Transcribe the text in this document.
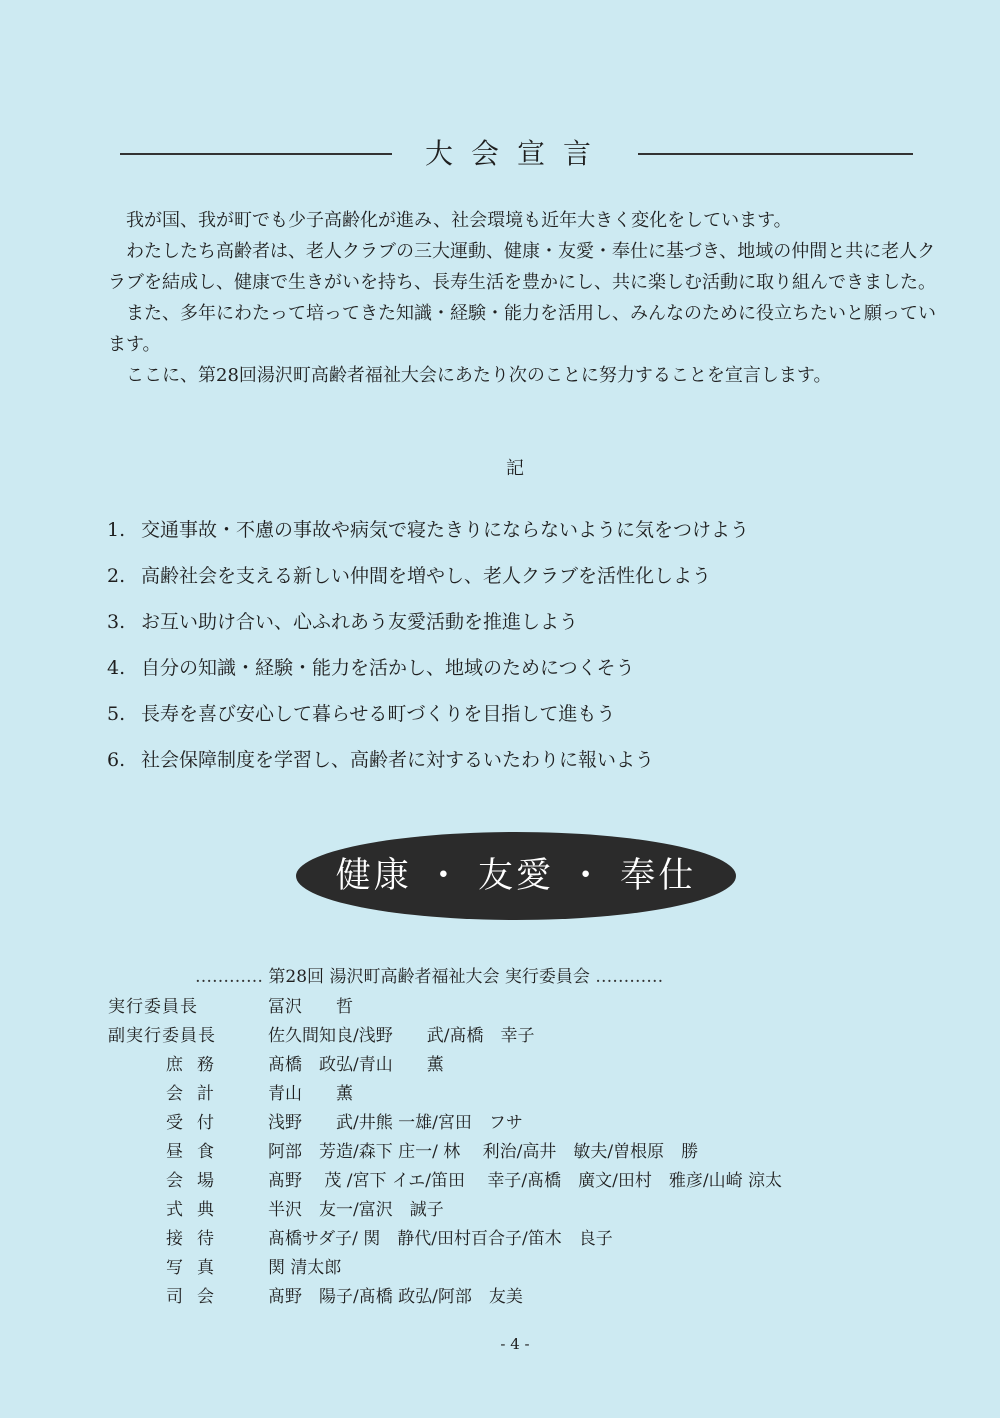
大会宣言

我が国、我が町でも少子高齢化が進み、社会環境も近年大きく変化をしています。

わたしたち高齢者は、老人クラブの三大運動、健康・友愛・奉仕に基づき、地域の仲間と共に老人クラブを結成し、健康で生きがいを持ち、長寿生活を豊かにし、共に楽しむ活動に取り組んできました。

また、多年にわたって培ってきた知識・経験・能力を活用し、みんなのために役立ちたいと願っています。

ここに、第28回湯沢町高齢者福祉大会にあたり次のことに努力することを宣言します。

記
1. 交通事故・不慮の事故や病気で寝たきりにならないように気をつけよう
2. 高齢社会を支える新しい仲間を増やし、老人クラブを活性化しよう
3. お互い助け合い、心ふれあう友愛活動を推進しよう
4. 自分の知識・経験・能力を活かし、地域のためにつくそう
5. 長寿を喜び安心して暮らせる町づくりを目指して進もう
6. 社会保障制度を学習し、高齢者に対するいたわりに報いよう
健康 ・ 友愛 ・ 奉仕
………… 第28回 湯沢町高齢者福祉大会 実行委員会 …………
実行委員長	冨沢　　哲
副実行委員長	佐久間知良/浅野　　武/髙橋　幸子
庶務	髙橋　政弘/青山　　薫
会計	青山　　薫
受付	浅野　　武/井熊 一雄/宮田　フサ
昼食	阿部　芳造/森下 庄一/ 林　 利治/高井　敏夫/曽根原　勝
会場	髙野　 茂 /宮下 イエ/笛田　 幸子/髙橋　廣文/田村　雅彦/山崎 涼太
式典	半沢　友一/富沢　誠子
接待	髙橋サダ子/ 関　静代/田村百合子/笛木　良子
写真	関 清太郎
司会	髙野　陽子/髙橋 政弘/阿部　友美
- 4 -
